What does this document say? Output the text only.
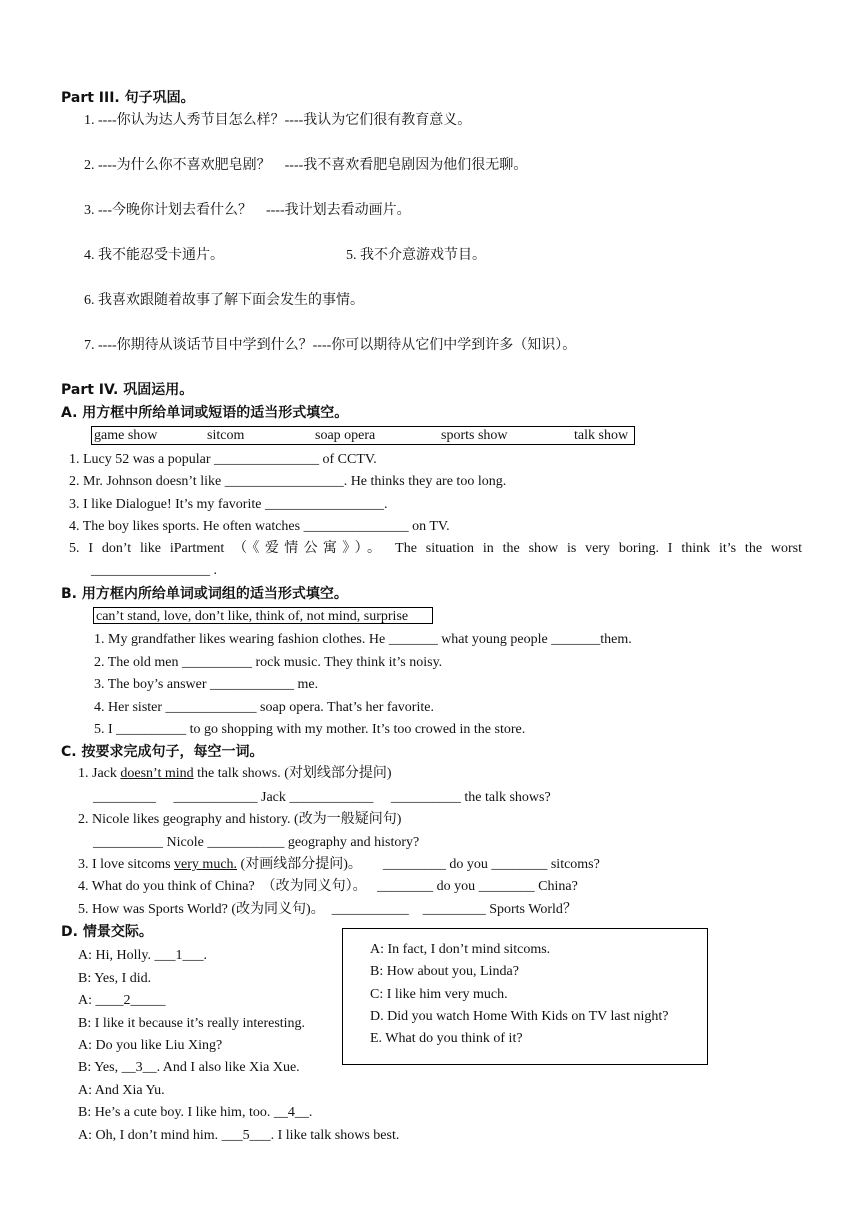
Part III. 句子巩固。
1. ----你认为达人秀节目怎么样？----我认为它们很有教育意义。
2. ----为什么你不喜欢肥皂剧？　----我不喜欢看肥皂剧因为他们很无聊。
3. ---今晚你计划去看什么？　----我计划去看动画片。
4. 我不能忍受卡通片。	5. 我不介意游戏节目。
6. 我喜欢跟随着故事了解下面会发生的事情。
7. ----你期待从谈话节目中学到什么？----你可以期待从它们中学到许多（知识）。
Part IV. 巩固运用。
A. 用方框中所给单词或短语的适当形式填空。
game show	sitcom	soap opera	sports show	talk show
1. Lucy 52 was a popular _______________ of CCTV.
2. Mr. Johnson doesn’t like _________________. He thinks they are too long.
3. I like Dialogue! It’s my favorite _________________.
4. The boy likes sports. He often watches _______________ on TV.
5. I don’t like iPartment （《爱情公寓》）。 The situation in the show is very boring. I think it’s the worst
_________________ .
B. 用方框内所给单词或词组的适当形式填空。
can’t stand, love, don’t like, think of, not mind, surprise
1. My grandfather likes wearing fashion clothes. He _______ what young people _______them.
2. The old men __________ rock music. They think it’s noisy.
3. The boy’s answer ____________ me.
4. Her sister _____________ soap opera. That’s her favorite.
5. I __________ to go shopping with my mother. It’s too crowed in the store.
C. 按要求完成句子，每空一词。
1. Jack doesn’t mind the talk shows. (对划线部分提问)
_________　 ____________ Jack ____________　 __________ the talk shows?
2. Nicole likes geography and history. (改为一般疑问句)
__________ Nicole ___________ geography and history?
3. I love sitcoms very much. (对画线部分提问)。　　_________ do you ________ sitcoms?
4. What do you think of China?　（改为同义句）。　 ________ do you ________ China?
5. How was Sports World? (改为同义句)。　___________　_________ Sports World？
D. 情景交际。
A: Hi, Holly. ___1___.
B: Yes, I did.
A: ____2_____
B: I like it because it’s really interesting.
A: Do you like Liu Xing?
B: Yes, __3__. And I also like Xia Xue.
A: And Xia Yu.
B: He’s a cute boy. I like him, too. __4__.
A: Oh, I don’t mind him. ___5___. I like talk shows best.
A: In fact, I don’t mind sitcoms.
B: How about you, Linda?
C: I like him very much.
D. Did you watch Home With Kids on TV last night?
E. What do you think of it?
